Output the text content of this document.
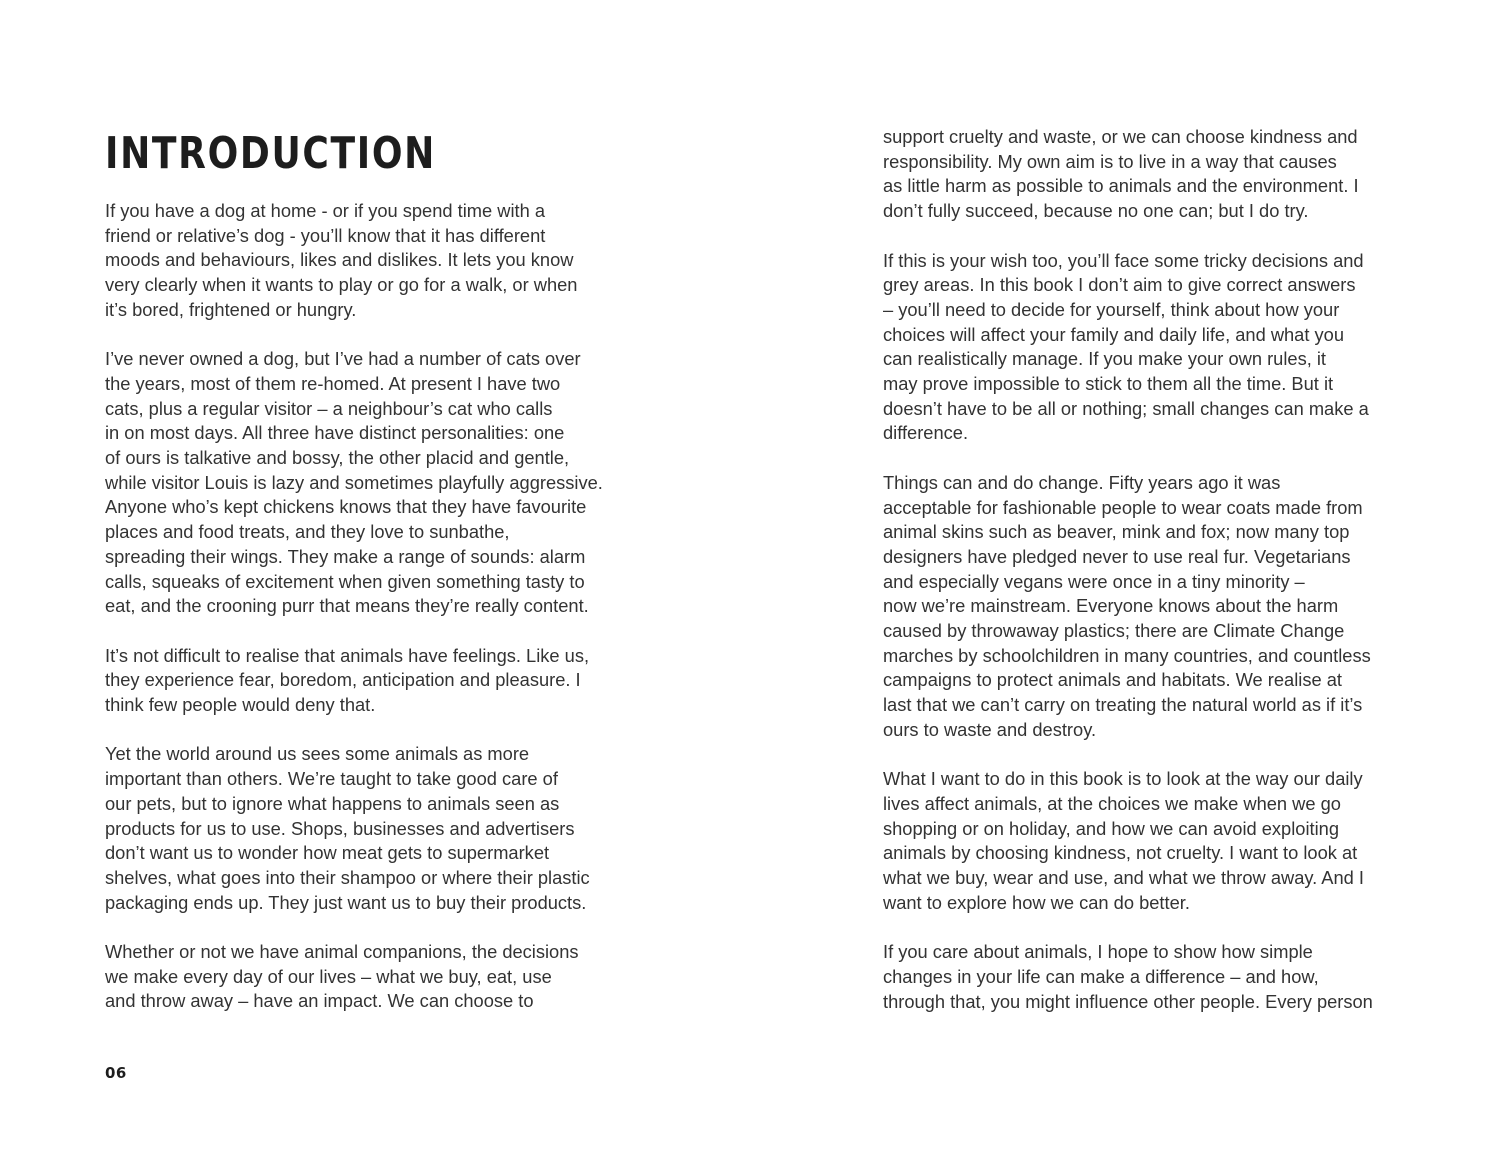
INTRODUCTION

If you have a dog at home - or if you spend time with a
friend or relative’s dog - you’ll know that it has different
moods and behaviours, likes and dislikes. It lets you know
very clearly when it wants to play or go for a walk, or when
it’s bored, frightened or hungry.

I’ve never owned a dog, but I’ve had a number of cats over
the years, most of them re-homed. At present I have two
cats, plus a regular visitor – a neighbour’s cat who calls
in on most days. All three have distinct personalities: one
of ours is talkative and bossy, the other placid and gentle,
while visitor Louis is lazy and sometimes playfully aggressive.
Anyone who’s kept chickens knows that they have favourite
places and food treats, and they love to sunbathe,
spreading their wings. They make a range of sounds: alarm
calls, squeaks of excitement when given something tasty to
eat, and the crooning purr that means they’re really content.

It’s not difficult to realise that animals have feelings. Like us,
they experience fear, boredom, anticipation and pleasure. I
think few people would deny that.

Yet the world around us sees some animals as more
important than others. We’re taught to take good care of
our pets, but to ignore what happens to animals seen as
products for us to use. Shops, businesses and advertisers
don’t want us to wonder how meat gets to supermarket
shelves, what goes into their shampoo or where their plastic
packaging ends up. They just want us to buy their products.

Whether or not we have animal companions, the decisions
we make every day of our lives – what we buy, eat, use
and throw away – have an impact. We can choose to

06

support cruelty and waste, or we can choose kindness and
responsibility. My own aim is to live in a way that causes
as little harm as possible to animals and the environment. I
don’t fully succeed, because no one can; but I do try.

If this is your wish too, you’ll face some tricky decisions and
grey areas. In this book I don’t aim to give correct answers
– you’ll need to decide for yourself, think about how your
choices will affect your family and daily life, and what you
can realistically manage. If you make your own rules, it
may prove impossible to stick to them all the time. But it
doesn’t have to be all or nothing; small changes can make a
difference.

Things can and do change. Fifty years ago it was
acceptable for fashionable people to wear coats made from
animal skins such as beaver, mink and fox; now many top
designers have pledged never to use real fur. Vegetarians
and especially vegans were once in a tiny minority –
now we’re mainstream. Everyone knows about the harm
caused by throwaway plastics; there are Climate Change
marches by schoolchildren in many countries, and countless
campaigns to protect animals and habitats. We realise at
last that we can’t carry on treating the natural world as if it’s
ours to waste and destroy.

What I want to do in this book is to look at the way our daily
lives affect animals, at the choices we make when we go
shopping or on holiday, and how we can avoid exploiting
animals by choosing kindness, not cruelty. I want to look at
what we buy, wear and use, and what we throw away. And I
want to explore how we can do better.

If you care about animals, I hope to show how simple
changes in your life can make a difference – and how,
through that, you might influence other people. Every person
